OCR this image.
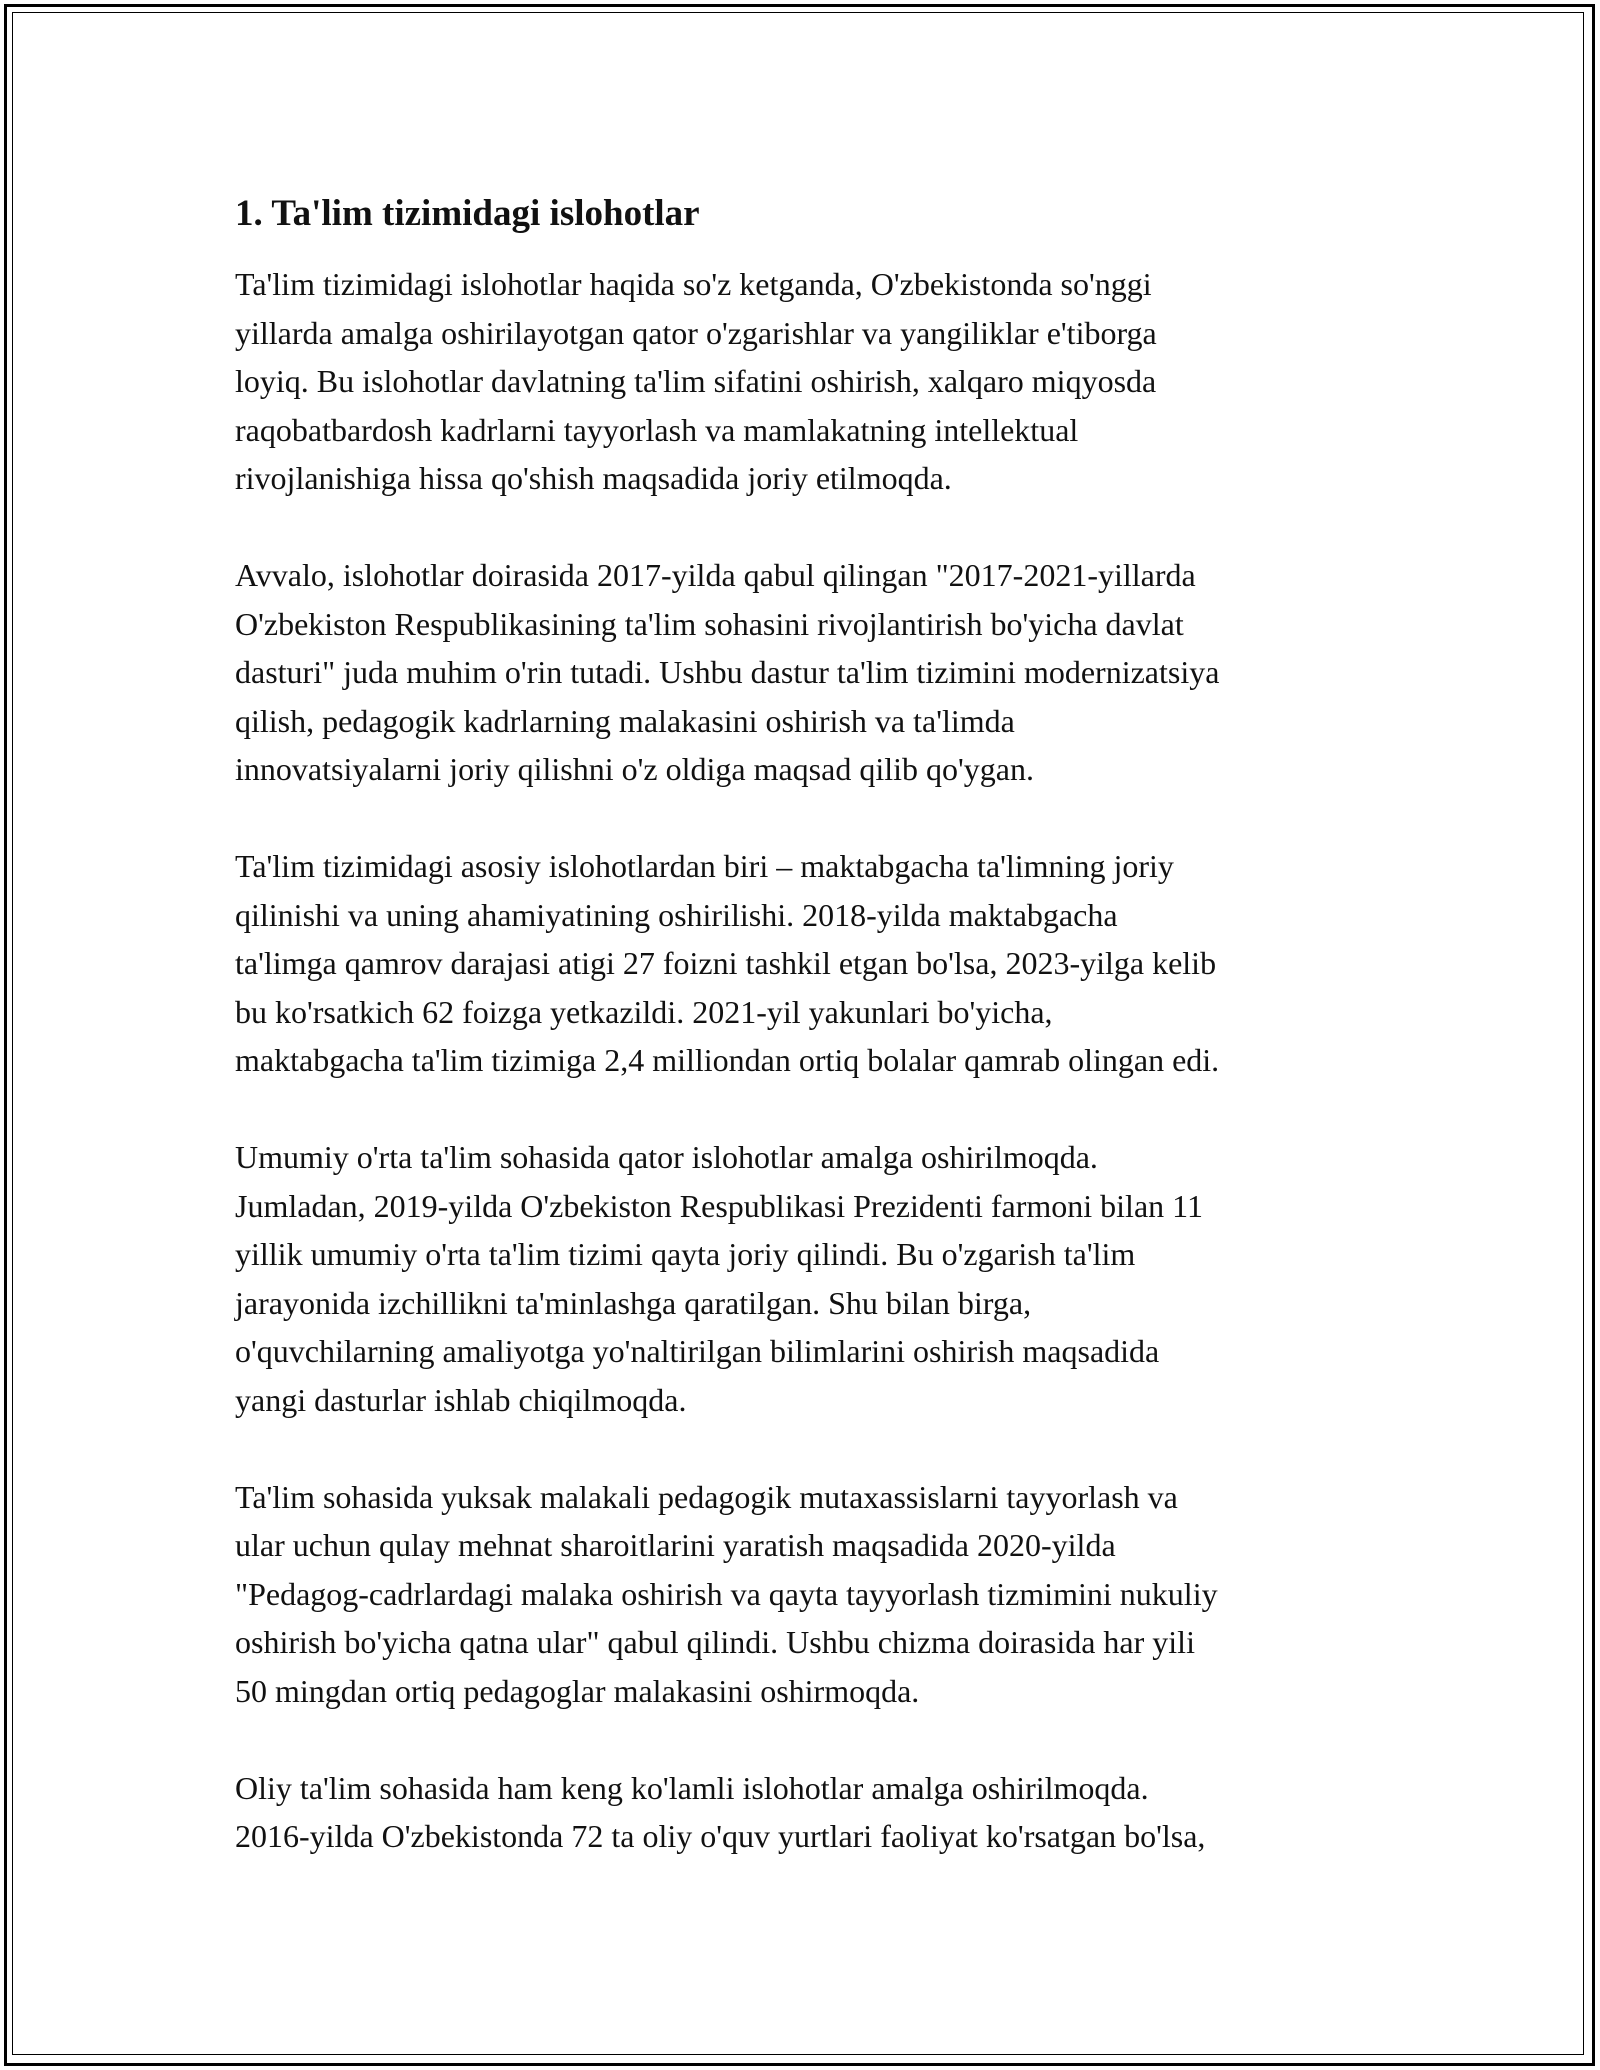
1. Ta'lim tizimidagi islohotlar
Ta'lim tizimidagi islohotlar haqida so'z ketganda, O'zbekistonda so'nggi
yillarda amalga oshirilayotgan qator o'zgarishlar va yangiliklar e'tiborga
loyiq. Bu islohotlar davlatning ta'lim sifatini oshirish, xalqaro miqyosda
raqobatbardosh kadrlarni tayyorlash va mamlakatning intellektual
rivojlanishiga hissa qo'shish maqsadida joriy etilmoqda.
Avvalo, islohotlar doirasida 2017-yilda qabul qilingan "2017-2021-yillarda
O'zbekiston Respublikasining ta'lim sohasini rivojlantirish bo'yicha davlat
dasturi" juda muhim o'rin tutadi. Ushbu dastur ta'lim tizimini modernizatsiya
qilish, pedagogik kadrlarning malakasini oshirish va ta'limda
innovatsiyalarni joriy qilishni o'z oldiga maqsad qilib qo'ygan.
Ta'lim tizimidagi asosiy islohotlardan biri – maktabgacha ta'limning joriy
qilinishi va uning ahamiyatining oshirilishi. 2018-yilda maktabgacha
ta'limga qamrov darajasi atigi 27 foizni tashkil etgan bo'lsa, 2023-yilga kelib
bu ko'rsatkich 62 foizga yetkazildi. 2021-yil yakunlari bo'yicha,
maktabgacha ta'lim tizimiga 2,4 milliondan ortiq bolalar qamrab olingan edi.
Umumiy o'rta ta'lim sohasida qator islohotlar amalga oshirilmoqda.
Jumladan, 2019-yilda O'zbekiston Respublikasi Prezidenti farmoni bilan 11
yillik umumiy o'rta ta'lim tizimi qayta joriy qilindi. Bu o'zgarish ta'lim
jarayonida izchillikni ta'minlashga qaratilgan. Shu bilan birga,
o'quvchilarning amaliyotga yo'naltirilgan bilimlarini oshirish maqsadida
yangi dasturlar ishlab chiqilmoqda.
Ta'lim sohasida yuksak malakali pedagogik mutaxassislarni tayyorlash va
ular uchun qulay mehnat sharoitlarini yaratish maqsadida 2020-yilda
"Pedagog-cadrlardagi malaka oshirish va qayta tayyorlash tizmimini nukuliy
oshirish bo'yicha qatna ular" qabul qilindi. Ushbu chizma doirasida har yili
50 mingdan ortiq pedagoglar malakasini oshirmoqda.
Oliy ta'lim sohasida ham keng ko'lamli islohotlar amalga oshirilmoqda.
2016-yilda O'zbekistonda 72 ta oliy o'quv yurtlari faoliyat ko'rsatgan bo'lsa,
